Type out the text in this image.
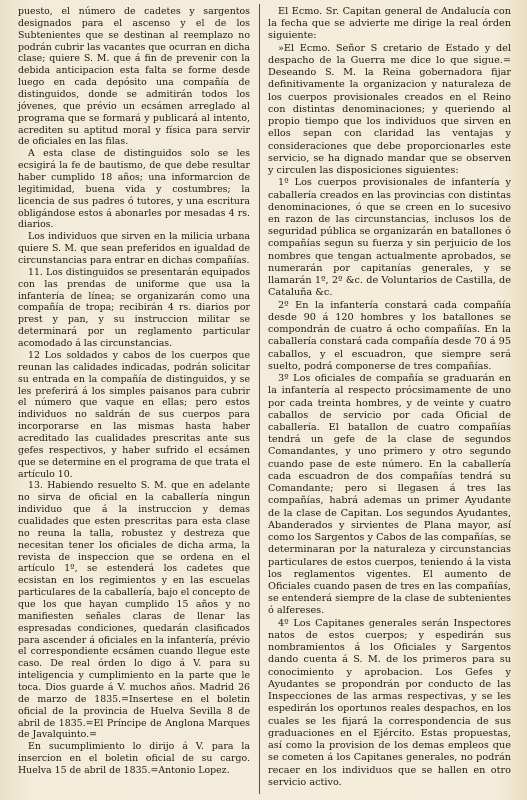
puesto, el número de cadetes y sargentos designados para el ascenso y el de los Subtenientes que se destinan al reemplazo no podrán cubrir las vacantes que ocurran en dicha clase; quiere S. M. que á fin de prevenir con la debida anticipacion esta falta se forme desde luego en cada depósito una compañía de distinguidos, donde se admitirán todos los jóvenes, que prévio un ecsámen arreglado al programa que se formará y publicará al intento, acrediten su aptitud moral y física para servir de oficiales en las filas.

A esta clase de distinguidos solo se les ecsigirá la fe de bautismo, de que debe resultar haber cumplido 18 años; una informarcion de legitimidad, buena vida y costumbres; la licencia de sus padres ó tutores, y una escritura obligándose estos á abonarles por mesadas 4 rs. diarios.

Los individuos que sirven en la milicia urbana quiere S. M. que sean preferidos en igualdad de circunstancias para entrar en dichas compañías.

11. Los distinguidos se presentarán equipados con las prendas de uniforme que usa la infantería de línea; se organizarán como una compañía de tropa; recibirán 4 rs. diarios por prest y pan, y su instruccion militar se determinará por un reglamento particular acomodado á las circunstancias.

12 Los soldados y cabos de los cuerpos que reunan las calidades indicadas, podrán solicitar su entrada en la compañía de distinguidos, y se les preferirá á los simples paisanos para cubrir el número que vaque en ellas; pero estos individuos no saldrán de sus cuerpos para incorporarse en las mismas hasta haber acreditado las cualidades prescritas ante sus gefes respectivos, y haber sufrido el ecsámen que se determine en el programa de que trata el artículo 10.

13. Habiendo resuelto S. M. que en adelante no sirva de oficial en la caballería ningun individuo que á la instruccion y demas cualidades que esten prescritas para esta clase no reuna la talla, robustez y destreza que necesitan tener los oficiales de dicha arma, la revista de inspeccion que se ordena en el artículo 1º, se estenderá los cadetes que ecsistan en los regimientos y en las escuelas particulares de la caballería, bajo el concepto de que los que hayan cumplido 15 años y no manifiesten señales claras de llenar las espresadas condiciones, quedarán clasificados para ascender á oficiales en la infantería, prévio el correspondiente ecsámen cuando llegue este caso. De real órden lo digo á V. para su inteligencia y cumplimiento en la parte que le toca. Dios guarde á V. muchos años. Madrid 26 de marzo de 1835.=Insertese en el boletin oficial de la provincia de Huelva Sevilla 8 de abril de 1835.=El Príncipe de Anglona Marques de Javalquinto.=

En sucumplimiento lo dirijo á V. para la insercion en el boletin oficial de su cargo. Huelva 15 de abril de 1835.=Antonio Lopez.

El Ecmo. Sr. Capitan general de Andalucía con la fecha que se advierte me dirige la real órden siguiente:

»El Ecmo. Señor S cretario de Estado y del despacho de la Guerra me dice lo que sigue.= Deseando S. M. la Reina gobernadora fijar definitivamente la organizacion y naturaleza de los cuerpos provisionales creados en el Reino con distintas denominaciones; y queriendo al propio tiempo que los individuos que sirven en ellos sepan con claridad las ventajas y consideraciones que debe proporcionarles este servicio, se ha dignado mandar que se observen y circulen las disposiciones siguientes:

1º Los cuerpos provisionales de infantería y caballería creados en las provincias con distintas denominaciones, ó que se creen en lo sucesivo en razon de las circunstancias, inclusos los de seguridad pública se organizarán en batallones ó compañías segun su fuerza y sin perjuicio de los nombres que tengan actualmente aprobados, se numerarán por capitanías generales, y se llamarán 1º, 2º &c. de Voluntarios de Castilla, de Cataluña &c.

2º En la infantería constará cada compañía desde 90 á 120 hombres y los batallones se compondrán de cuatro á ocho compañías. En la caballería constará cada compañía desde 70 á 95 caballos, y el escuadron, que siempre será suelto, podrá componerse de tres compañías.

3º Los oficiales de compañía se graduarán en la infantería al respecto prócsimamente de uno por cada treinta hombres, y de veinte y cuatro caballos de servicio por cada Oficial de caballería. El batallon de cuatro compañías tendrá un gefe de la clase de segundos Comandantes, y uno primero y otro segundo cuando pase de este número. En la caballería cada escuadron de dos compañías tendrá su Comandante; pero si llegasen á tres las compañías, habrá ademas un primer Ayudante de la clase de Capitan. Los segundos Ayudantes, Abanderados y sirvientes de Plana mayor, así como los Sargentos y Cabos de las compañías, se determinaran por la naturaleza y circunstancias particulares de estos cuerpos, teniendo á la vista los reglamentos vigentes. El aumento de Oficiales cuando pasen de tres en las compañías, se entenderá siempre de la clase de subtenientes ó alfereses.

4º Los Capitanes generales serán Inspectores natos de estos cuerpos; y espedirán sus nombramientos á los Oficiales y Sargentos dando cuenta á S. M. de los primeros para su conocimiento y aprobacion. Los Gefes y Ayudantes se propondrán por conducto de las Inspecciones de las armas respectivas, y se les espedirán los oportunos reales despachos, en los cuales se les fijará la correspondencia de sus graduaciones en el Ejército. Estas propuestas, así como la provision de los demas empleos que se cometen á los Capitanes generales, no podrán recaer en los individuos que se hallen en otro servicio activo.
